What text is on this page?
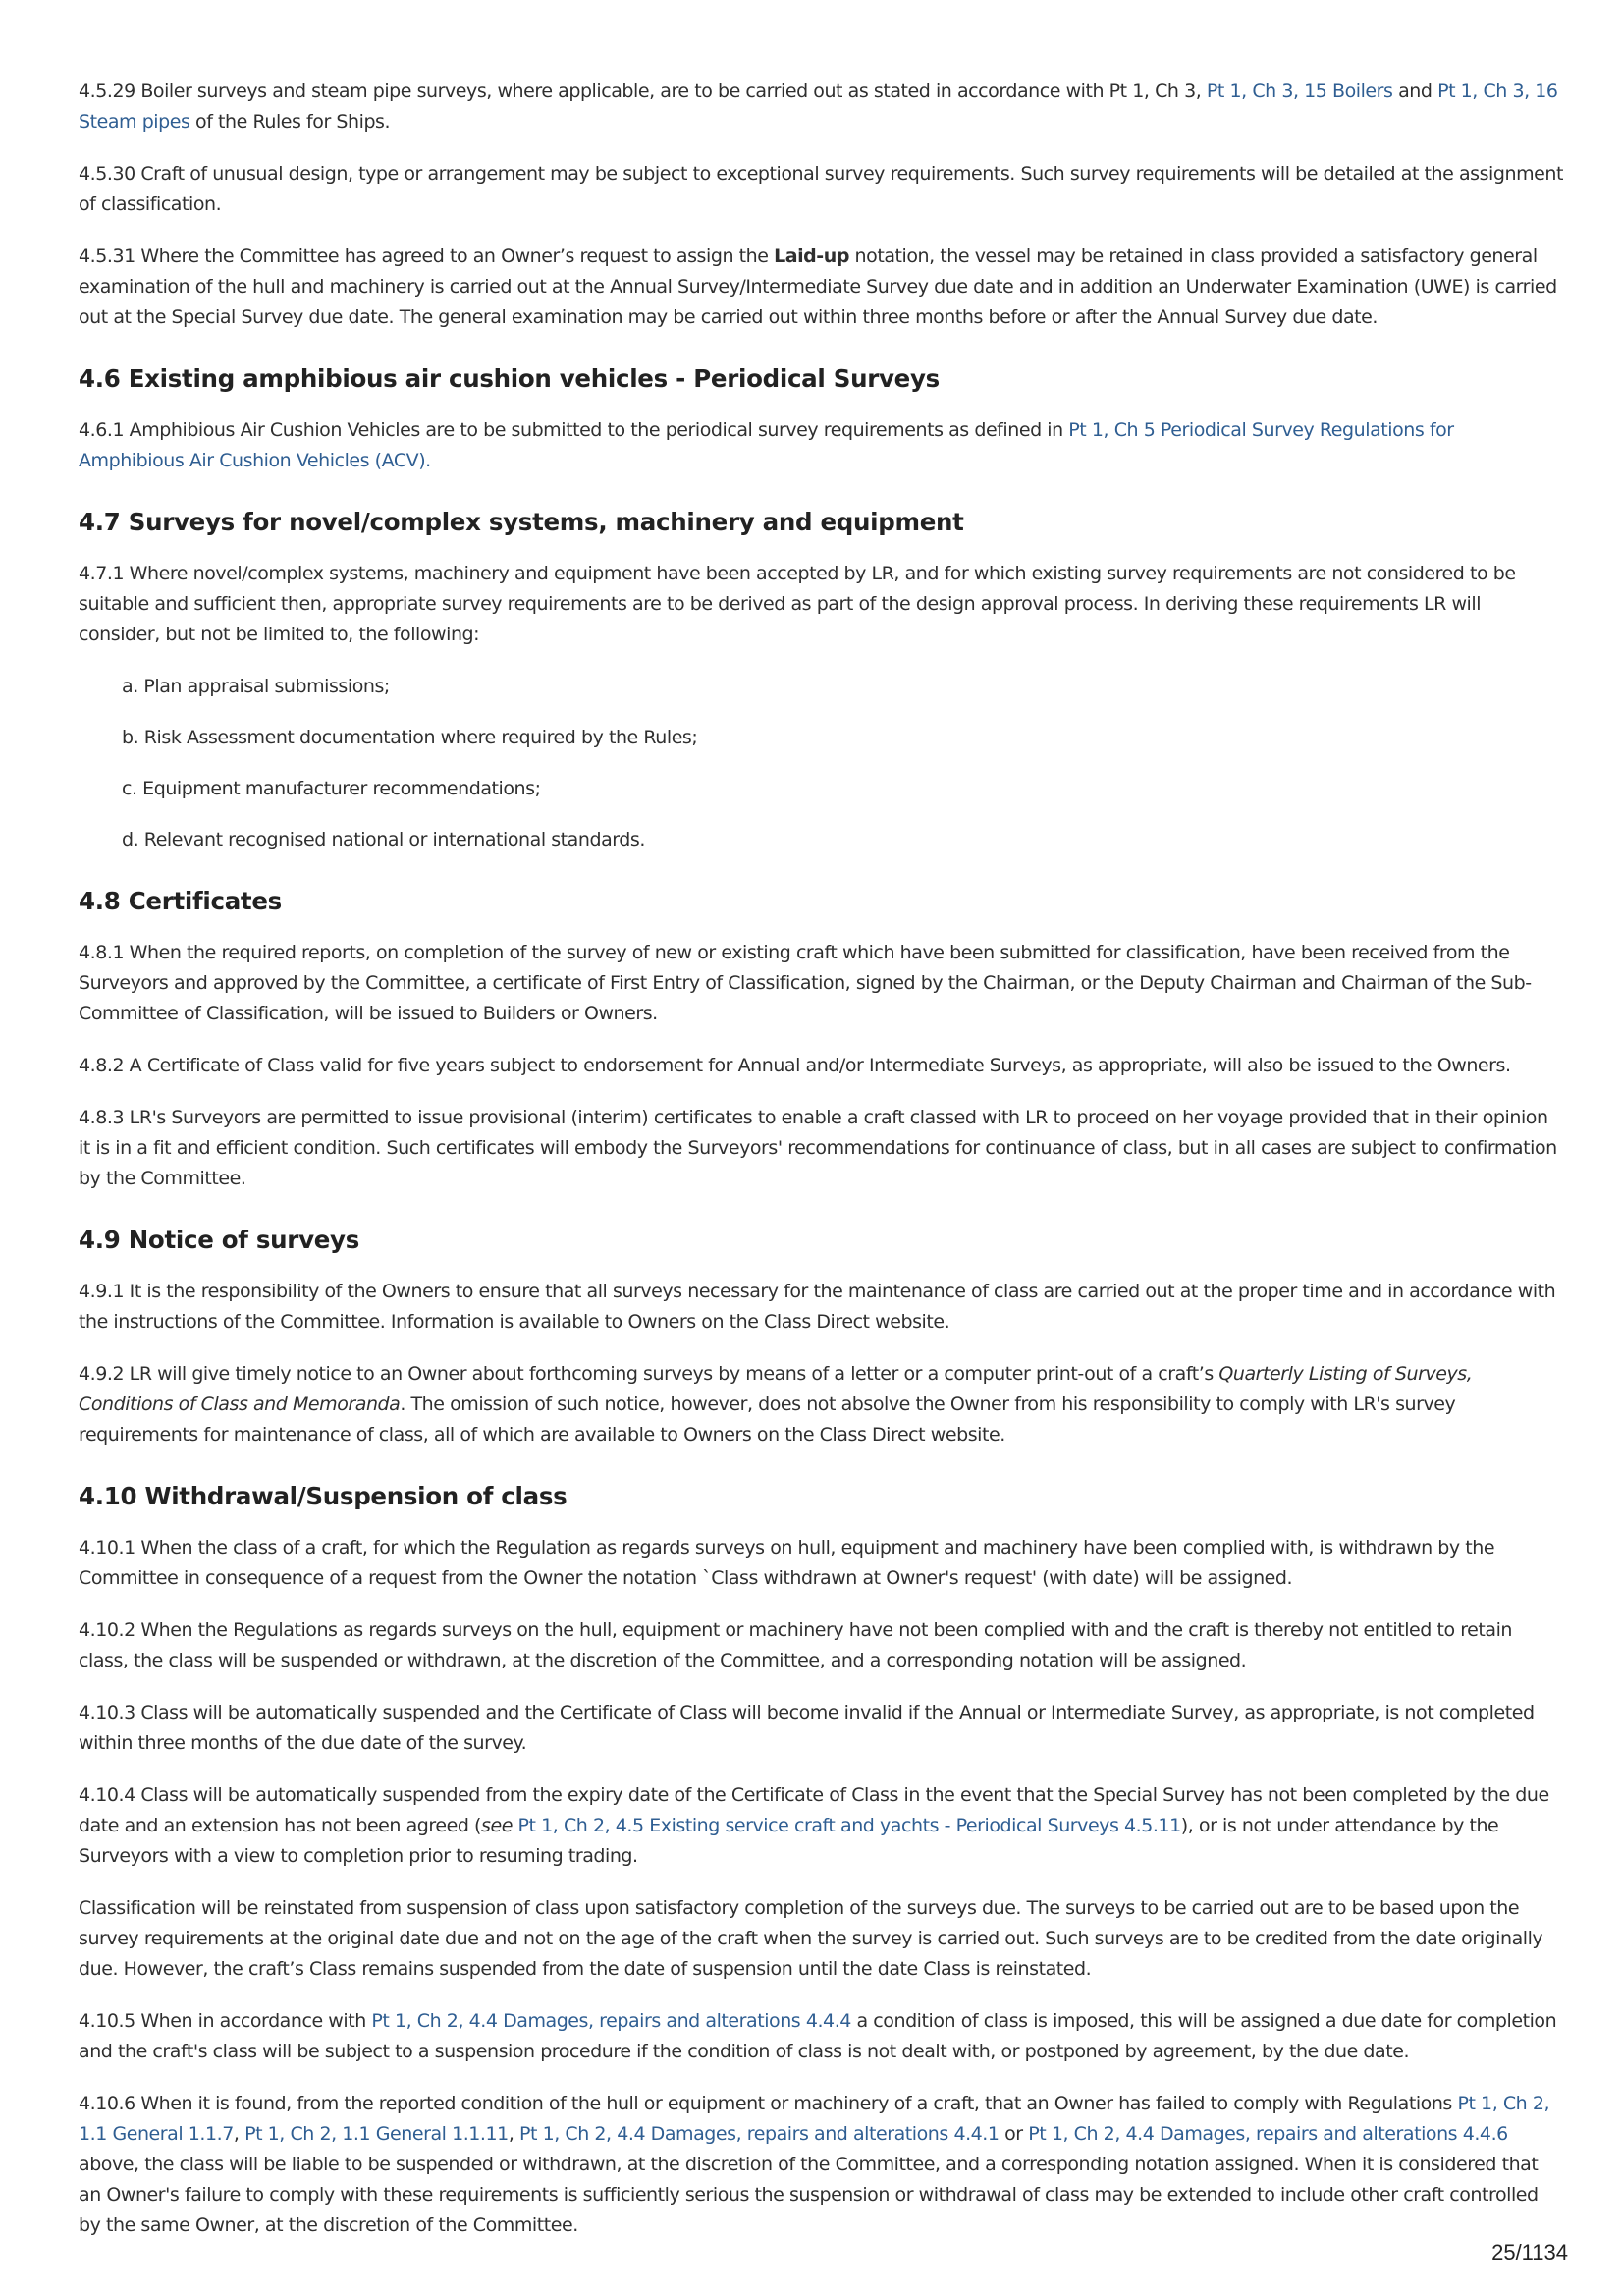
4.5.29 Boiler surveys and steam pipe surveys, where applicable, are to be carried out as stated in accordance with Pt 1, Ch 3, Pt 1, Ch 3, 15 Boilers and Pt 1, Ch 3, 16 Steam pipes of the Rules for Ships.

4.5.30 Craft of unusual design, type or arrangement may be subject to exceptional survey requirements. Such survey requirements will be detailed at the assignment of classification.

4.5.31 Where the Committee has agreed to an Owner’s request to assign the Laid-up notation, the vessel may be retained in class provided a satisfactory general examination of the hull and machinery is carried out at the Annual Survey/Intermediate Survey due date and in addition an Underwater Examination (UWE) is carried out at the Special Survey due date. The general examination may be carried out within three months before or after the Annual Survey due date.

4.6 Existing amphibious air cushion vehicles - Periodical Surveys

4.6.1 Amphibious Air Cushion Vehicles are to be submitted to the periodical survey requirements as defined in Pt 1, Ch 5 Periodical Survey Regulations for Amphibious Air Cushion Vehicles (ACV).

4.7 Surveys for novel/complex systems, machinery and equipment

4.7.1 Where novel/complex systems, machinery and equipment have been accepted by LR, and for which existing survey requirements are not considered to be suitable and sufficient then, appropriate survey requirements are to be derived as part of the design approval process. In deriving these requirements LR will consider, but not be limited to, the following:

a. Plan appraisal submissions;

b. Risk Assessment documentation where required by the Rules;

c. Equipment manufacturer recommendations;

d. Relevant recognised national or international standards.

4.8 Certificates

4.8.1 When the required reports, on completion of the survey of new or existing craft which have been submitted for classification, have been received from the Surveyors and approved by the Committee, a certificate of First Entry of Classification, signed by the Chairman, or the Deputy Chairman and Chairman of the Sub-Committee of Classification, will be issued to Builders or Owners.

4.8.2 A Certificate of Class valid for five years subject to endorsement for Annual and/or Intermediate Surveys, as appropriate, will also be issued to the Owners.

4.8.3 LR's Surveyors are permitted to issue provisional (interim) certificates to enable a craft classed with LR to proceed on her voyage provided that in their opinion it is in a fit and efficient condition. Such certificates will embody the Surveyors' recommendations for continuance of class, but in all cases are subject to confirmation by the Committee.

4.9 Notice of surveys

4.9.1 It is the responsibility of the Owners to ensure that all surveys necessary for the maintenance of class are carried out at the proper time and in accordance with the instructions of the Committee. Information is available to Owners on the Class Direct website.

4.9.2 LR will give timely notice to an Owner about forthcoming surveys by means of a letter or a computer print-out of a craft’s Quarterly Listing of Surveys, Conditions of Class and Memoranda. The omission of such notice, however, does not absolve the Owner from his responsibility to comply with LR's survey requirements for maintenance of class, all of which are available to Owners on the Class Direct website.

4.10 Withdrawal/Suspension of class

4.10.1 When the class of a craft, for which the Regulation as regards surveys on hull, equipment and machinery have been complied with, is withdrawn by the Committee in consequence of a request from the Owner the notation `Class withdrawn at Owner's request' (with date) will be assigned.

4.10.2 When the Regulations as regards surveys on the hull, equipment or machinery have not been complied with and the craft is thereby not entitled to retain class, the class will be suspended or withdrawn, at the discretion of the Committee, and a corresponding notation will be assigned.

4.10.3 Class will be automatically suspended and the Certificate of Class will become invalid if the Annual or Intermediate Survey, as appropriate, is not completed within three months of the due date of the survey.

4.10.4 Class will be automatically suspended from the expiry date of the Certificate of Class in the event that the Special Survey has not been completed by the due date and an extension has not been agreed (see Pt 1, Ch 2, 4.5 Existing service craft and yachts - Periodical Surveys 4.5.11), or is not under attendance by the Surveyors with a view to completion prior to resuming trading.

Classification will be reinstated from suspension of class upon satisfactory completion of the surveys due. The surveys to be carried out are to be based upon the survey requirements at the original date due and not on the age of the craft when the survey is carried out. Such surveys are to be credited from the date originally due. However, the craft’s Class remains suspended from the date of suspension until the date Class is reinstated.

4.10.5 When in accordance with Pt 1, Ch 2, 4.4 Damages, repairs and alterations 4.4.4 a condition of class is imposed, this will be assigned a due date for completion and the craft's class will be subject to a suspension procedure if the condition of class is not dealt with, or postponed by agreement, by the due date.

4.10.6 When it is found, from the reported condition of the hull or equipment or machinery of a craft, that an Owner has failed to comply with Regulations Pt 1, Ch 2, 1.1 General 1.1.7, Pt 1, Ch 2, 1.1 General 1.1.11, Pt 1, Ch 2, 4.4 Damages, repairs and alterations 4.4.1 or Pt 1, Ch 2, 4.4 Damages, repairs and alterations 4.4.6 above, the class will be liable to be suspended or withdrawn, at the discretion of the Committee, and a corresponding notation assigned. When it is considered that an Owner's failure to comply with these requirements is sufficiently serious the suspension or withdrawal of class may be extended to include other craft controlled by the same Owner, at the discretion of the Committee.

25/1134
